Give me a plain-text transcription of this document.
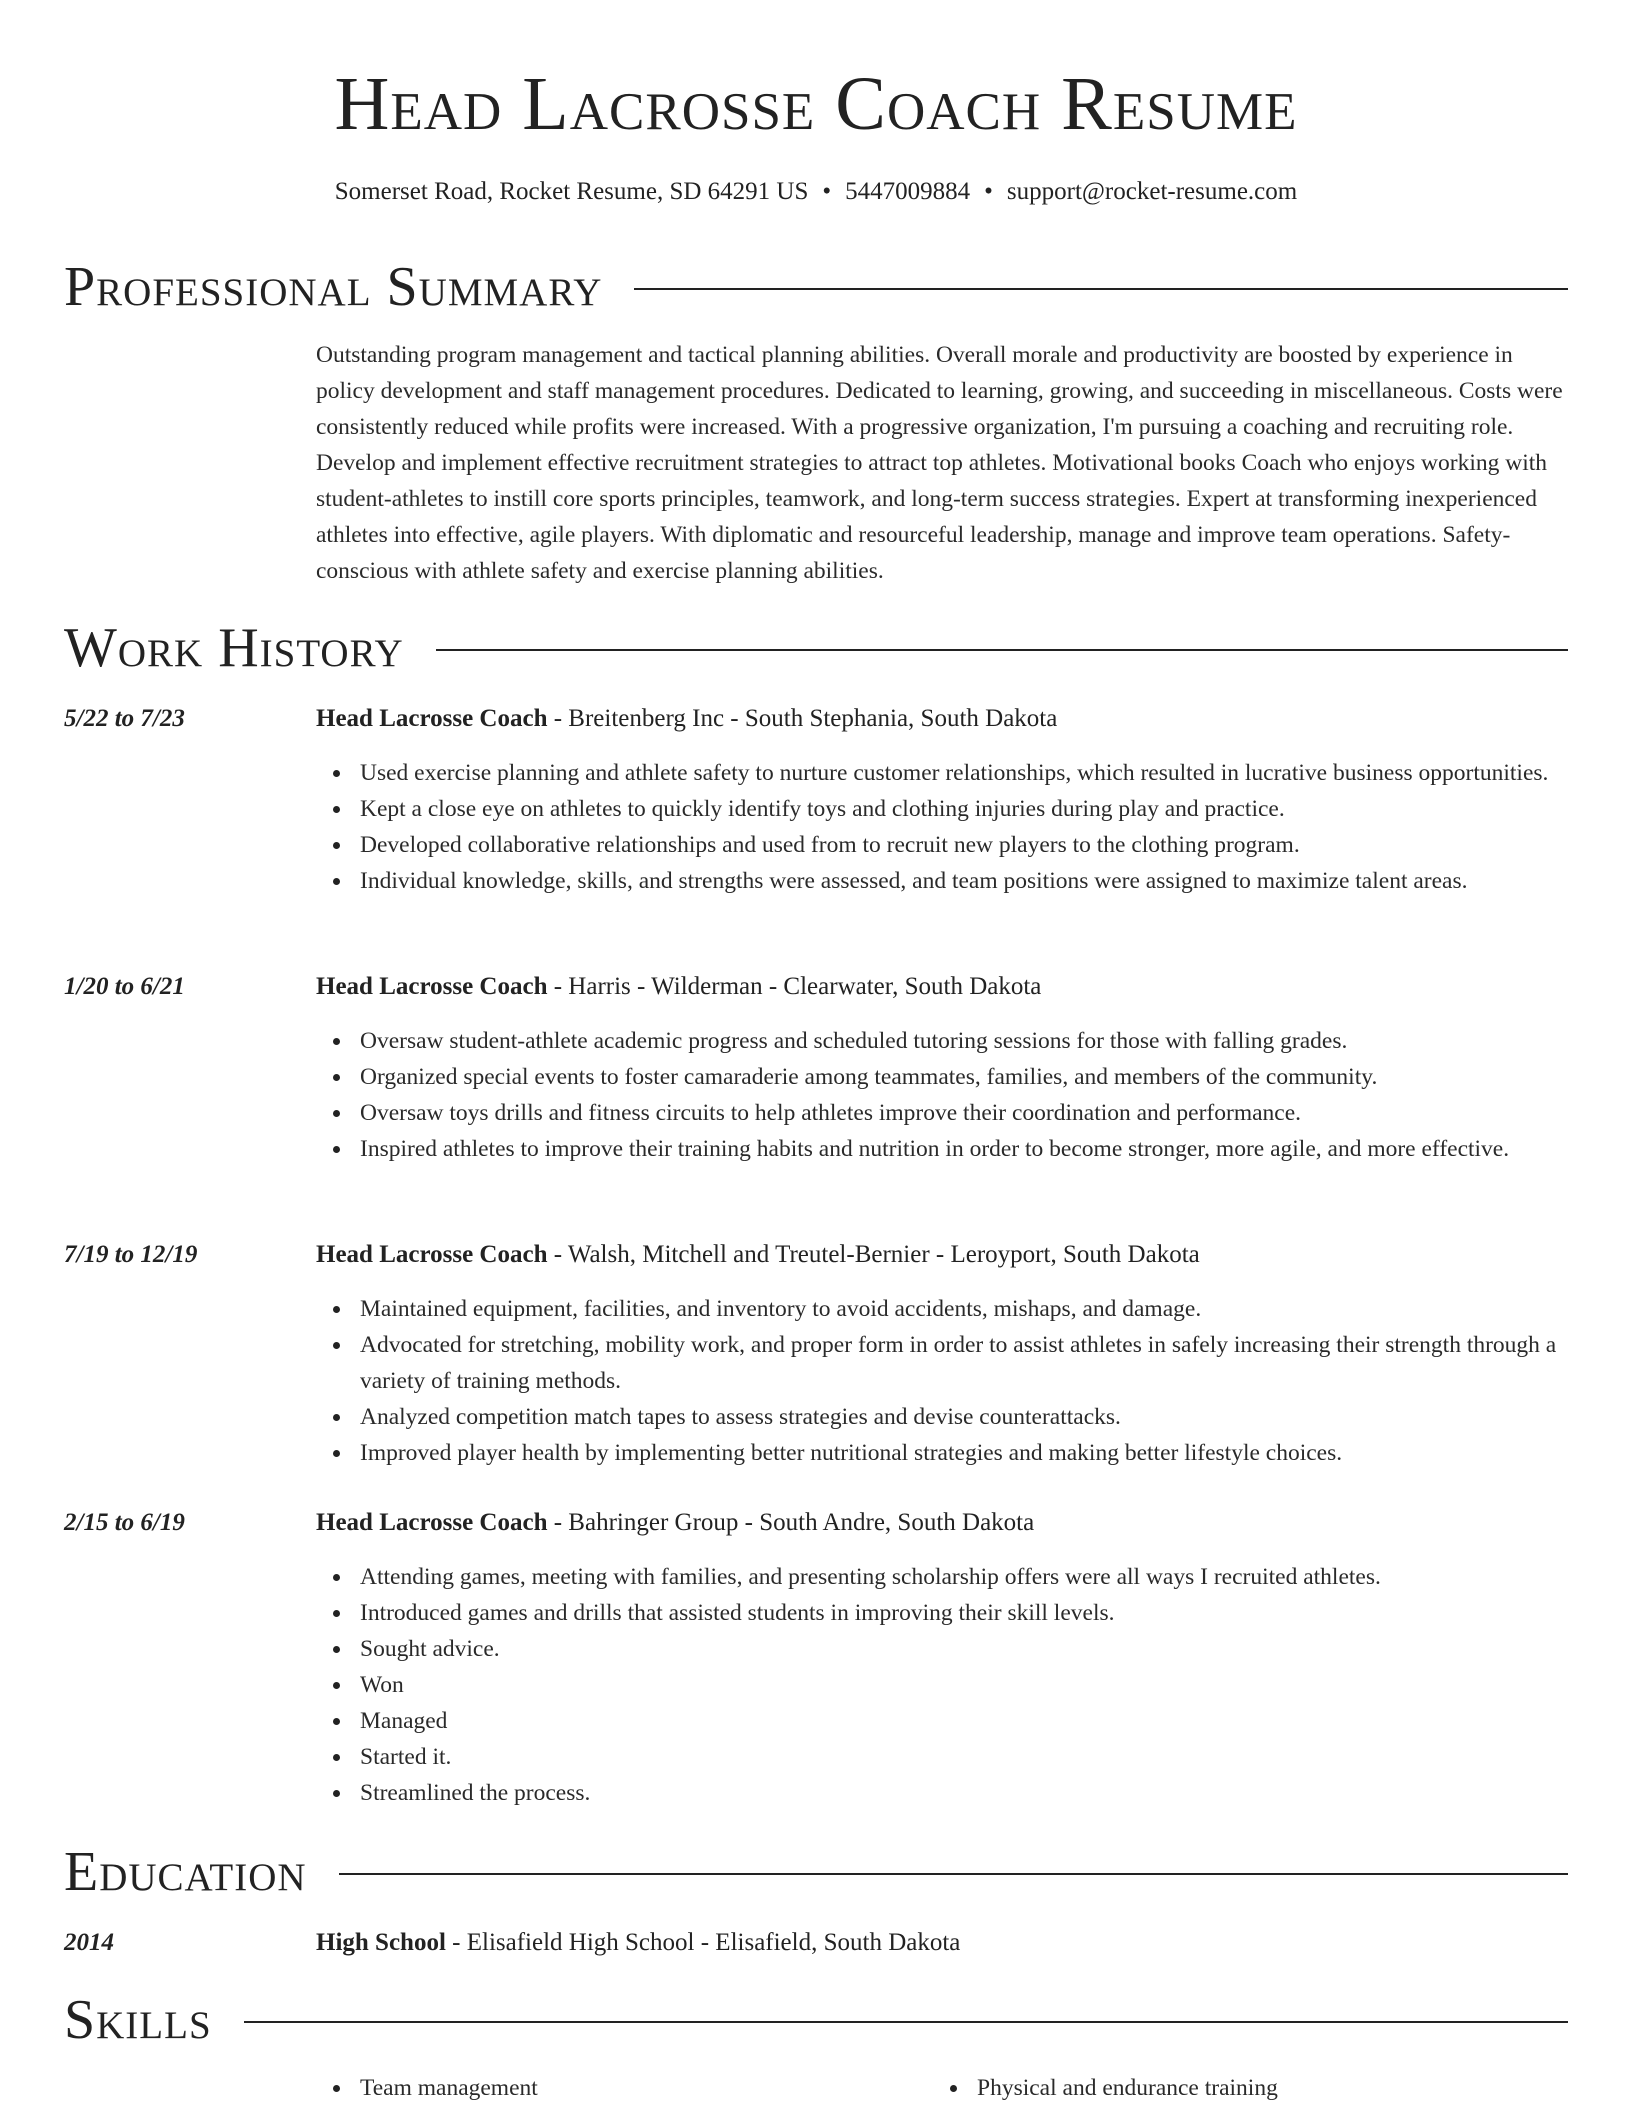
Head Lacrosse Coach Resume
Somerset Road, Rocket Resume, SD 64291 US • 5447009884 • support@rocket-resume.com
Professional Summary

Outstanding program management and tactical planning abilities. Overall morale and productivity are boosted by experience in policy development and staff management procedures. Dedicated to learning, growing, and succeeding in miscellaneous. Costs were consistently reduced while profits were increased. With a progressive organization, I'm pursuing a coaching and recruiting role. Develop and implement effective recruitment strategies to attract top athletes. Motivational books Coach who enjoys working with student-athletes to instill core sports principles, teamwork, and long-term success strategies. Expert at transforming inexperienced athletes into effective, agile players. With diplomatic and resourceful leadership, manage and improve team operations. Safety-conscious with athlete safety and exercise planning abilities.

Work History
5/22 to 7/23	Head Lacrosse Coach - Breitenberg Inc - South Stephania, South Dakota
Used exercise planning and athlete safety to nurture customer relationships, which resulted in lucrative business opportunities.
Kept a close eye on athletes to quickly identify toys and clothing injuries during play and practice.
Developed collaborative relationships and used from to recruit new players to the clothing program.
Individual knowledge, skills, and strengths were assessed, and team positions were assigned to maximize talent areas.
1/20 to 6/21	Head Lacrosse Coach - Harris - Wilderman - Clearwater, South Dakota
Oversaw student-athlete academic progress and scheduled tutoring sessions for those with falling grades.
Organized special events to foster camaraderie among teammates, families, and members of the community.
Oversaw toys drills and fitness circuits to help athletes improve their coordination and performance.
Inspired athletes to improve their training habits and nutrition in order to become stronger, more agile, and more effective.
7/19 to 12/19	Head Lacrosse Coach - Walsh, Mitchell and Treutel-Bernier - Leroyport, South Dakota
Maintained equipment, facilities, and inventory to avoid accidents, mishaps, and damage.
Advocated for stretching, mobility work, and proper form in order to assist athletes in safely increasing their strength through a variety of training methods.
Analyzed competition match tapes to assess strategies and devise counterattacks.
Improved player health by implementing better nutritional strategies and making better lifestyle choices.
2/15 to 6/19	Head Lacrosse Coach - Bahringer Group - South Andre, South Dakota
Attending games, meeting with families, and presenting scholarship offers were all ways I recruited athletes.
Introduced games and drills that assisted students in improving their skill levels.
Sought advice.
Won
Managed
Started it.
Streamlined the process.
Education
2014	High School - Elisafield High School - Elisafield, South Dakota
Skills
Team management	Physical and endurance training
